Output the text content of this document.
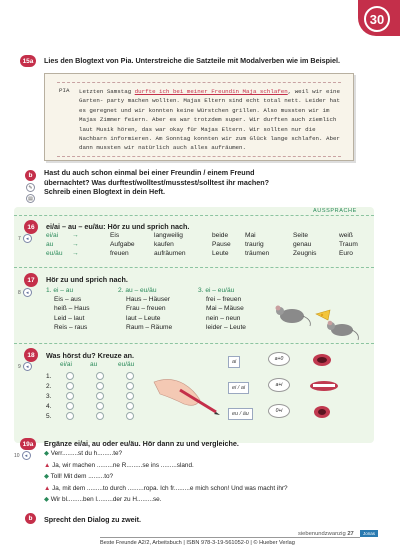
30
15a Lies den Blogtext von Pia. Unterstreiche die Satzteile mit Modalverben wie im Beispiel.
PIA	Letzten Samstag durfte ich bei meiner Freundin Maja schlafen, weil wir eine Garten- party machen wollten. Majas Eltern sind echt total nett. Leider hat es geregnet und wir konnten keine Würstchen grillen. Also mussten wir im Majas Zimmer feiern. Aber es war trotzdem super. Wir durften auch ziemlich laut Musik hören, das war okay für Majas Eltern. Wir sollten nur die Nachbarn informieren. Am Sonntag konnten wir zum Glück lange schlafen. Aber dann mussten wir natürlich auch alles aufräumen.
b
✎
▤
Hast du auch schon einmal bei einer Freundin / einem Freund
übernachtet? Was durftest/wolltest/musstest/solltest ihr machen?
Schreib einen Blogtext in dein Heft.
AUSSPRACHE
16 ei/ai – au – eu/äu: Hör zu und sprich nach.
7	◂	ei/ai	→	Eis	langweilig	beide	Mai	Seite	weiß
au	→	Aufgabe	kaufen	Pause	traurig	genau	Traum
eu/äu	→	freuen	aufräumen	Leute	träumen	Zeugnis	Euro
17 Hör zu und sprich nach.
8	◂	1. ei – au
Eis – aus
heiß – Haus
Leid – laut
Reis – raus
2. au – eu/äu
Haus – Häuser
Frau – freuen
laut – Leute
Raum – Räume
3. ei – eu/äu
frei – freuen
Mai – Mäuse
nein – neun
leider – Leute
18 Was hörst du? Kreuze an.
9	◂	ei/ai	au	eu/äu
1.
2.
3.
4.
5.
ai
ei / ai
eu / äu
a+0
a+i
0+i
19a Ergänze ei/ai, au oder eu/äu. Hör dann zu und vergleiche.
10	◂	◆ Verr.........st du h.........te?
▲ Ja, wir machen .........ne R.........se ins .........sland.
◆ Toll! Mit dem .........to?
▲ Ja, mit dem .........to durch .........ropa. Ich fr.........e mich schon! Und was macht ihr?
◆ Wir bl.........ben l.........der zu H.........se.
b Sprecht den Dialog zu zweit.
siebenundzwanzig 27	Jonas
Beste Freunde A2/2, Arbeitsbuch | ISBN 978-3-19-561052-0 | © Hueber Verlag
